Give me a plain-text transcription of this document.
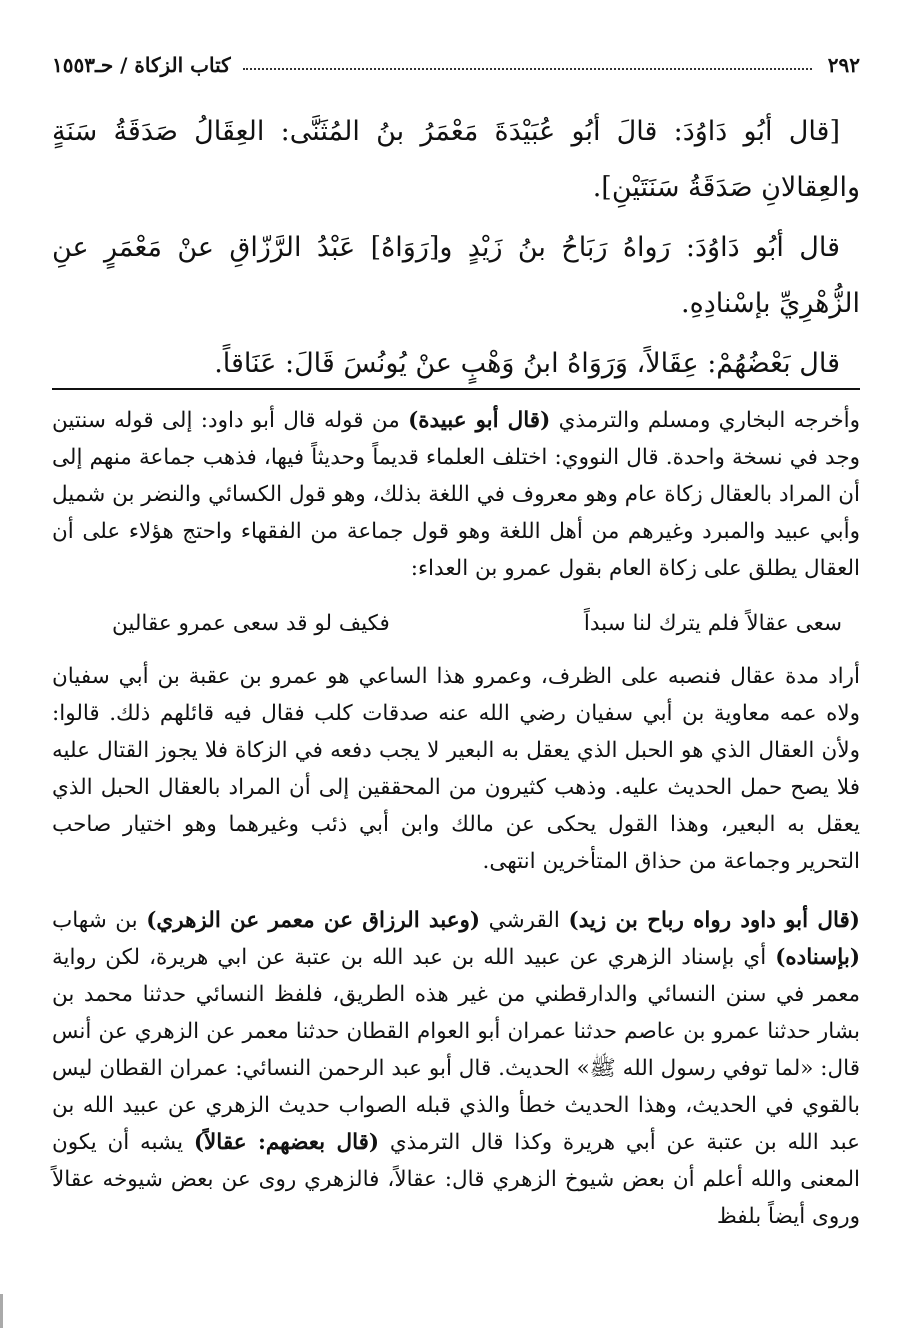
٢٩٢
كتاب الزكاة / حـ١٥٥٣

[قال أبُو دَاوُدَ: قالَ أبُو عُبَيْدَةَ مَعْمَرُ بنُ المُثَنَّى: العِقَالُ صَدَقَةُ سَنَةٍ والعِقالانِ صَدَقَةُ سَنَتَيْنِ].

قال أبُو دَاوُدَ: رَواهُ رَبَاحُ بنُ زَيْدٍ و[رَوَاهُ] عَبْدُ الرَّزّاقِ عنْ مَعْمَرٍ عنِ الزُّهْرِيِّ بإسْنادِهِ.

قال بَعْضُهُمْ: عِقَالاً، وَرَوَاهُ ابنُ وَهْبٍ عنْ يُونُسَ قَالَ: عَنَاقاً.

وأخرجه البخاري ومسلم والترمذي (قال أبو عبيدة) من قوله قال أبو داود: إلى قوله سنتين وجد في نسخة واحدة. قال النووي: اختلف العلماء قديماً وحديثاً فيها، فذهب جماعة منهم إلى أن المراد بالعقال زكاة عام وهو معروف في اللغة بذلك، وهو قول الكسائي والنضر بن شميل وأبي عبيد والمبرد وغيرهم من أهل اللغة وهو قول جماعة من الفقهاء واحتج هؤلاء على أن العقال يطلق على زكاة العام بقول عمرو بن العداء:

سعى عقالاً فلم يترك لنا سبداً
فكيف لو قد سعى عمرو عقالين

أراد مدة عقال فنصبه على الظرف، وعمرو هذا الساعي هو عمرو بن عقبة بن أبي سفيان ولاه عمه معاوية بن أبي سفيان رضي الله عنه صدقات كلب فقال فيه قائلهم ذلك. قالوا: ولأن العقال الذي هو الحبل الذي يعقل به البعير لا يجب دفعه في الزكاة فلا يجوز القتال عليه فلا يصح حمل الحديث عليه. وذهب كثيرون من المحققين إلى أن المراد بالعقال الحبل الذي يعقل به البعير، وهذا القول يحكى عن مالك وابن أبي ذئب وغيرهما وهو اختيار صاحب التحرير وجماعة من حذاق المتأخرين انتهى.

(قال أبو داود رواه رباح بن زيد) القرشي (وعبد الرزاق عن معمر عن الزهري) بن شهاب (بإسناده) أي بإسناد الزهري عن عبيد الله بن عبد الله بن عتبة عن ابي هريرة، لكن رواية معمر في سنن النسائي والدارقطني من غير هذه الطريق، فلفظ النسائي حدثنا محمد بن بشار حدثنا عمرو بن عاصم حدثنا عمران أبو العوام القطان حدثنا معمر عن الزهري عن أنس قال: «لما توفي رسول الله ﷺ» الحديث. قال أبو عبد الرحمن النسائي: عمران القطان ليس بالقوي في الحديث، وهذا الحديث خطأ والذي قبله الصواب حديث الزهري عن عبيد الله بن عبد الله بن عتبة عن أبي هريرة وكذا قال الترمذي (قال بعضهم: عقالاً) يشبه أن يكون المعنى والله أعلم أن بعض شيوخ الزهري قال: عقالاً، فالزهري روى عن بعض شيوخه عقالاً وروى أيضاً بلفظ
